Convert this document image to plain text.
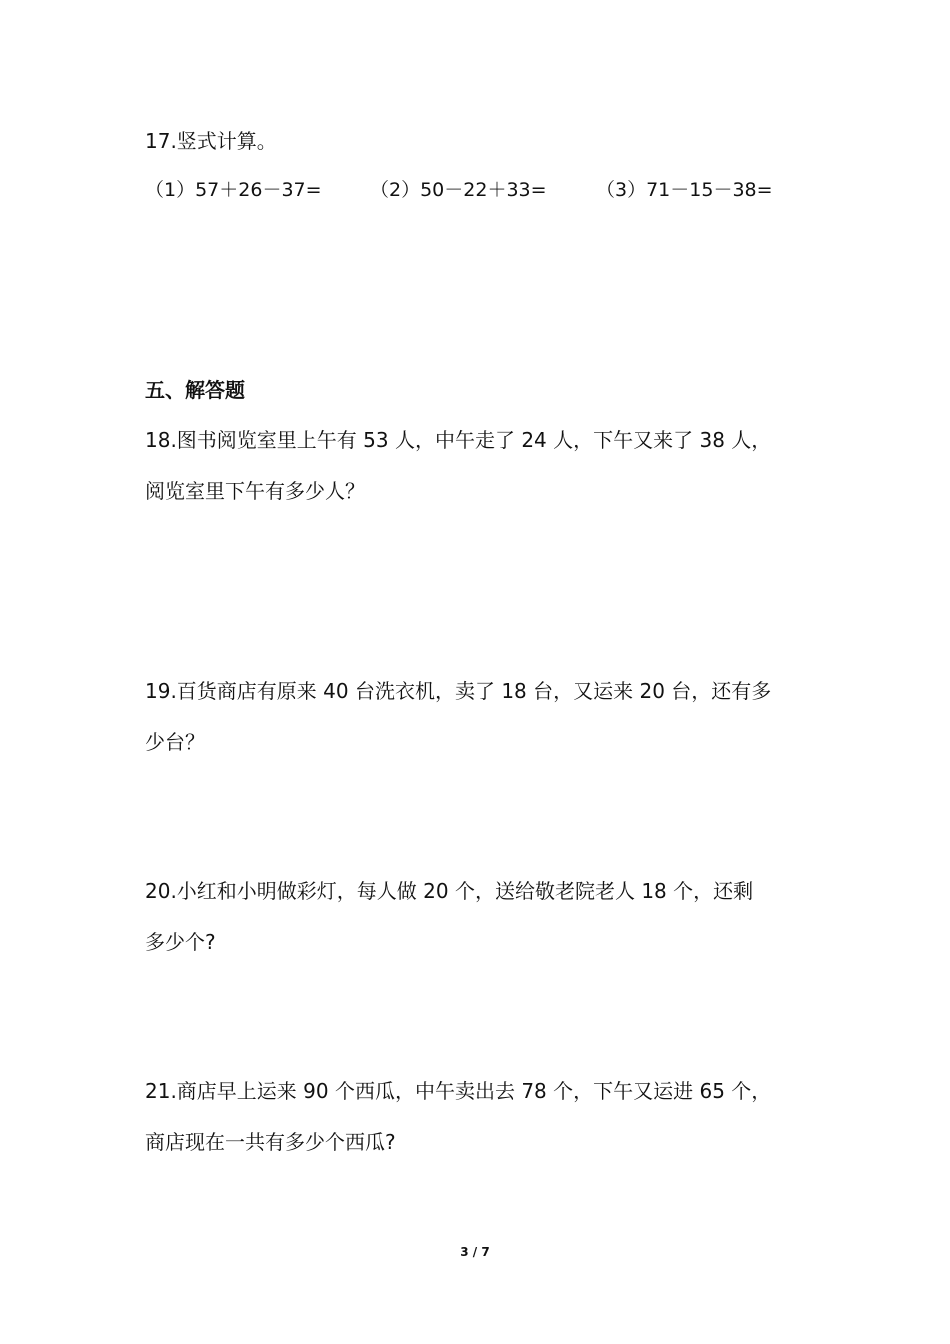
17.竖式计算。
（1）57＋26－37=	（2）50－22＋33=	（3）71－15－38=
五、解答题
18.图书阅览室里上午有 53 人，中午走了 24 人，下午又来了 38 人，
阅览室里下午有多少人？
19.百货商店有原来 40 台洗衣机，卖了 18 台，又运来 20 台，还有多
少台？
20.小红和小明做彩灯，每人做 20 个，送给敬老院老人 18 个，还剩
多少个?
21.商店早上运来 90 个西瓜，中午卖出去 78 个，下午又运进 65 个，
商店现在一共有多少个西瓜?
3 / 7
